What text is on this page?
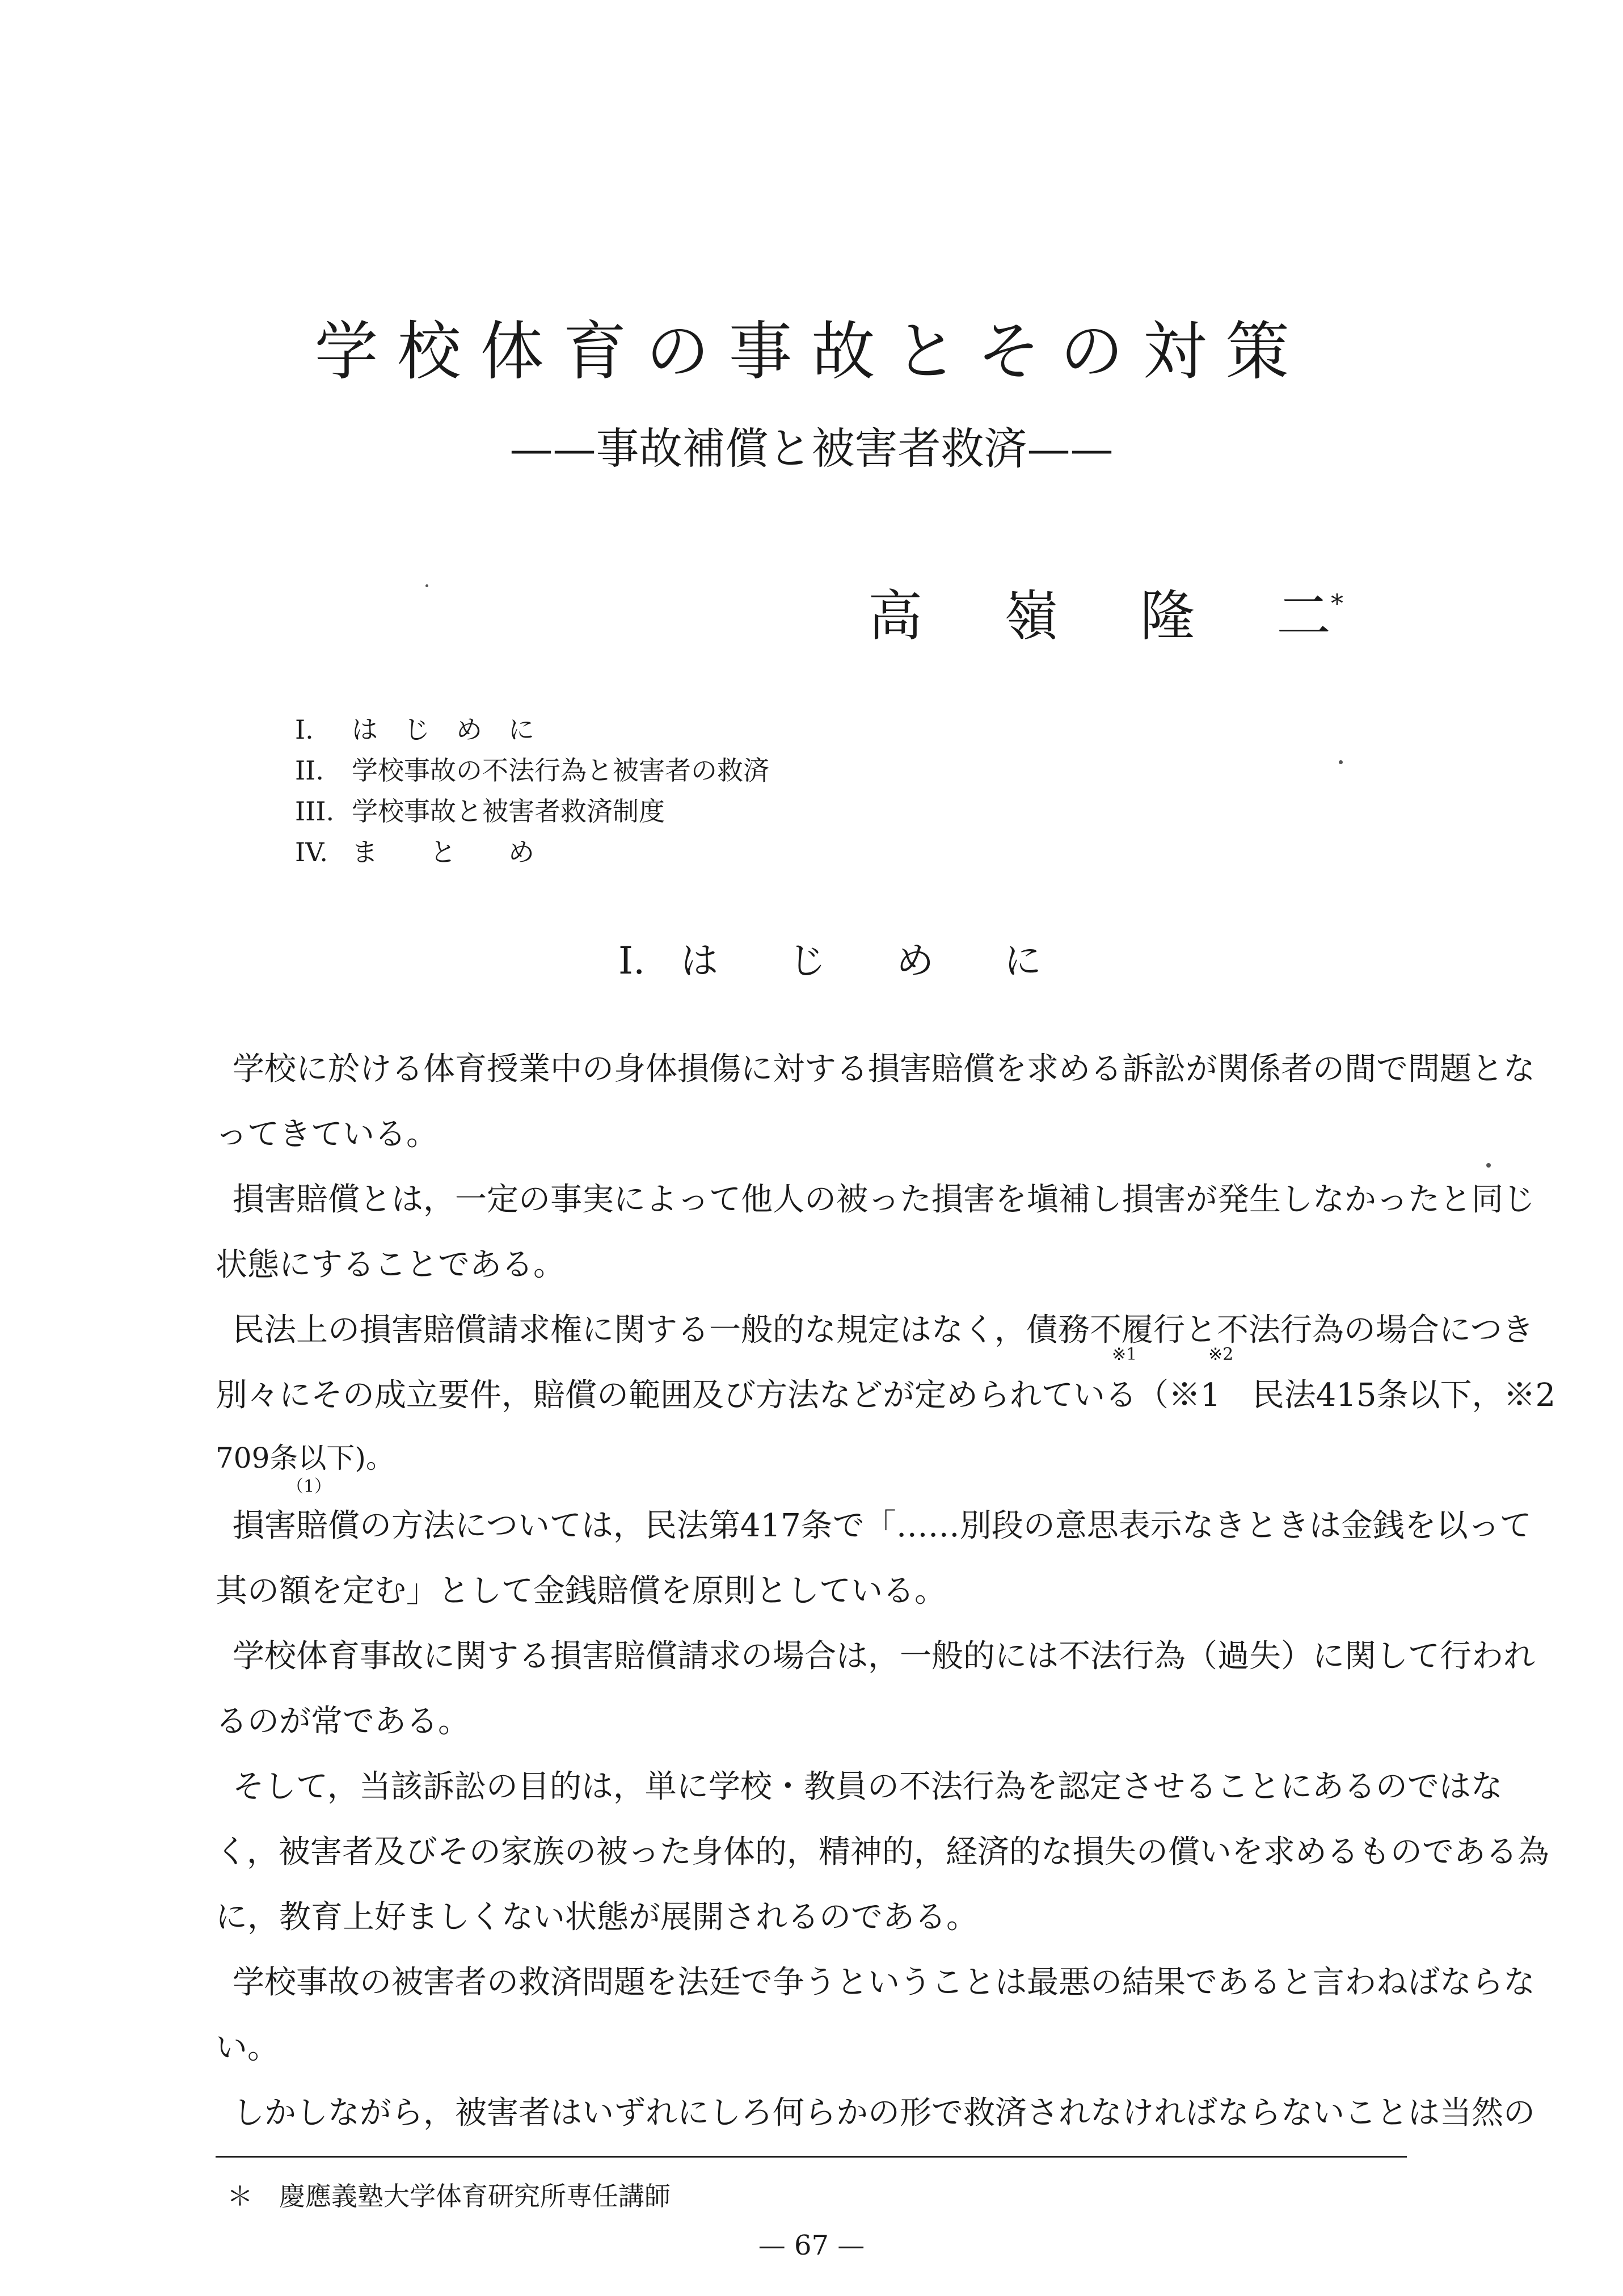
学校体育の事故とその対策
——事故補償と被害者救済——
高 嶺 隆 二*
I. は　じ　め　に
II. 学校事故の不法行為と被害者の救済
III. 学校事故と被害者救済制度
IV. ま　　と　　め
I. は じ め に
学校に於ける体育授業中の身体損傷に対する損害賠償を求める訴訟が関係者の間で問題とな
ってきている。
損害賠償とは，一定の事実によって他人の被った損害を塡補し損害が発生しなかったと同じ
状態にすることである。
民法上の損害賠償請求権に関する一般的な規定はなく，債務不履行と不法行為の場合につき
※1	※2
別々にその成立要件，賠償の範囲及び方法などが定められている（※1　民法415条以下，※2
709条以下)。
（1）
損害賠償の方法については，民法第417条で「……別段の意思表示なきときは金銭を以って
其の額を定む」として金銭賠償を原則としている。
学校体育事故に関する損害賠償請求の場合は，一般的には不法行為（過失）に関して行われ
るのが常である。
そして，当該訴訟の目的は，単に学校・教員の不法行為を認定させることにあるのではな
く，被害者及びその家族の被った身体的，精神的，経済的な損失の償いを求めるものである為
に，教育上好ましくない状態が展開されるのである。
学校事故の被害者の救済問題を法廷で争うということは最悪の結果であると言わねばならな
い。
しかしながら，被害者はいずれにしろ何らかの形で救済されなければならないことは当然の
＊　慶應義塾大学体育研究所専任講師
— 67 —
